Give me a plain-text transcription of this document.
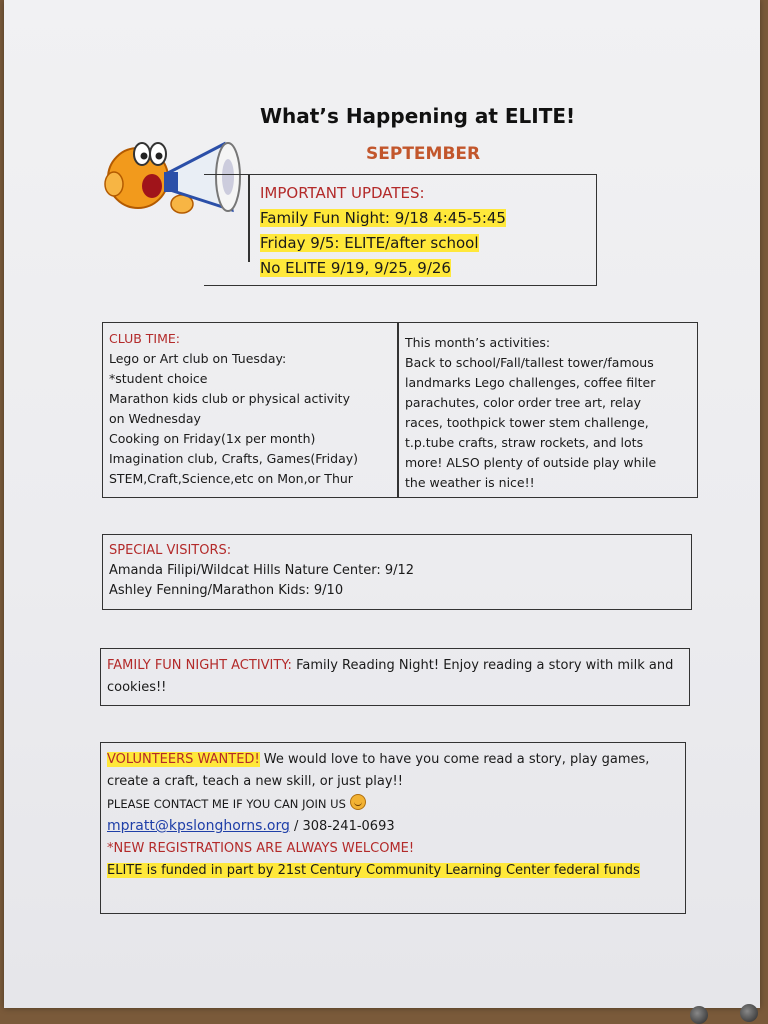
What’s Happening at ELITE!
SEPTEMBER
IMPORTANT UPDATES:
Family Fun Night: 9/18 4:45-5:45
Friday 9/5: ELITE/after school
No ELITE 9/19, 9/25, 9/26
CLUB TIME:
Lego or Art club on Tuesday:
*student choice
Marathon kids club or physical activity
on Wednesday
Cooking on Friday(1x per month)
Imagination club, Crafts, Games(Friday)
STEM,Craft,Science,etc on Mon,or Thur
This month’s activities:
Back to school/Fall/tallest tower/famous
landmarks Lego challenges, coffee filter
parachutes, color order tree art, relay
races, toothpick tower stem challenge,
t.p.tube crafts, straw rockets, and lots
more! ALSO plenty of outside play while
the weather is nice!!
SPECIAL VISITORS:
Amanda Filipi/Wildcat Hills Nature Center: 9/12
Ashley Fenning/Marathon Kids: 9/10
FAMILY FUN NIGHT ACTIVITY: Family Reading Night! Enjoy reading a story with milk and cookies!!
VOLUNTEERS WANTED! We would love to have you come read a story, play games, create a craft, teach a new skill, or just play!!
PLEASE CONTACT ME IF YOU CAN JOIN US
mpratt@kpslonghorns.org / 308-241-0693
*NEW REGISTRATIONS ARE ALWAYS WELCOME!
ELITE is funded in part by 21st Century Community Learning Center federal funds
